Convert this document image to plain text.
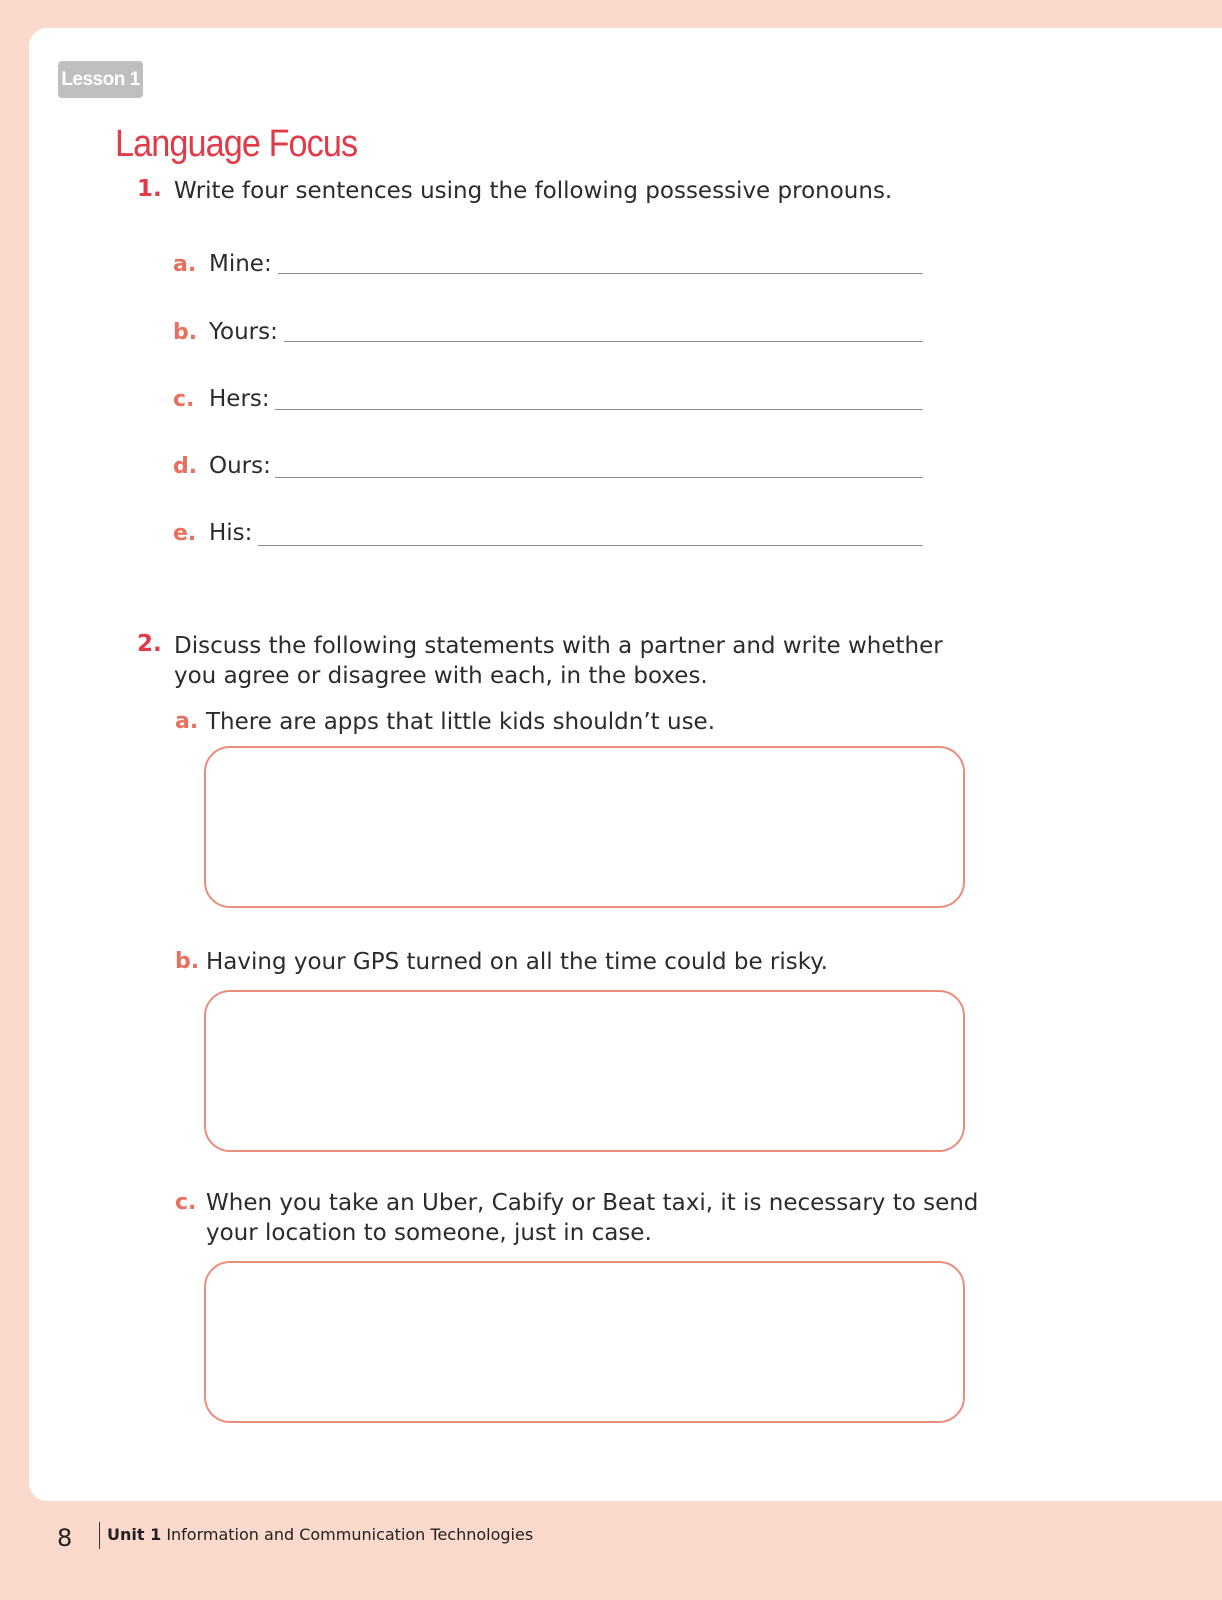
Lesson 1
Language Focus
1. Write four sentences using the following possessive pronouns.
a. Mine:
b. Yours:
c. Hers:
d. Ours:
e. His:
2. Discuss the following statements with a partner and write whether
you agree or disagree with each, in the boxes.
a. There are apps that little kids shouldn’t use.
b. Having your GPS turned on all the time could be risky.
c. When you take an Uber, Cabify or Beat taxi, it is necessary to send
your location to someone, just in case.
8 Unit 1 Information and Communication Technologies
